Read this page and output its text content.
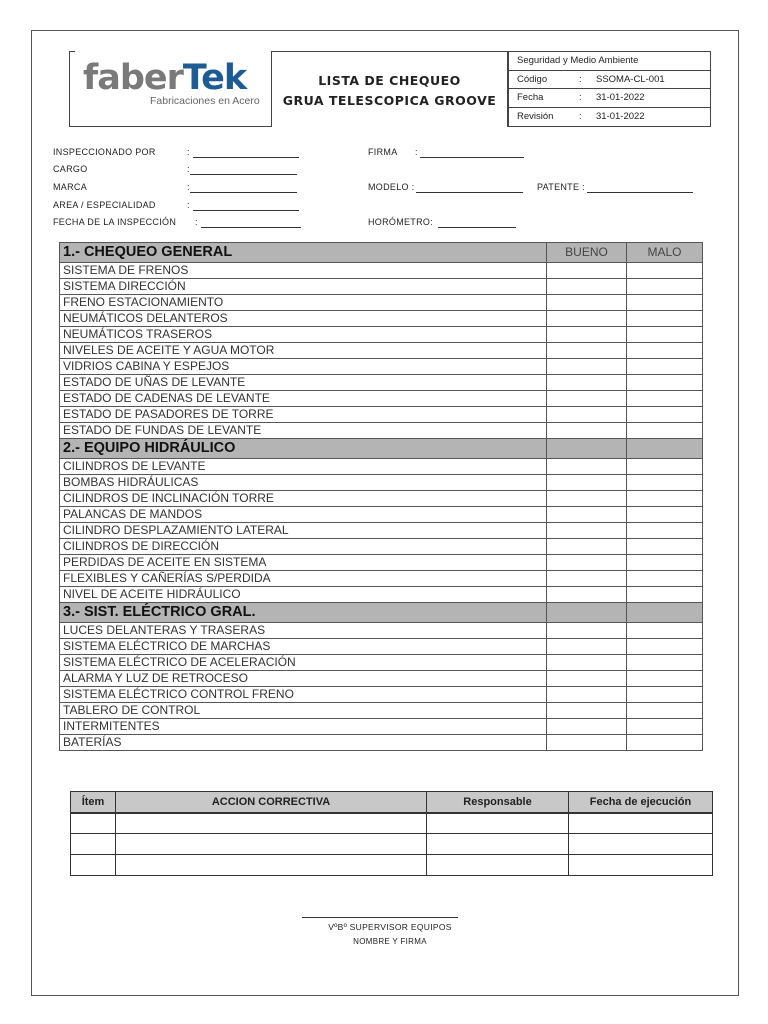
faberTek
Fabricaciones en Acero
LISTA DE CHEQUEO
GRUA TELESCOPICA GROOVE
Seguridad y Medio Ambiente
Código	: SSOMA-CL-001
Fecha	: 31-01-2022
Revisión	: 31-01-2022
INSPECCIONADO POR	:
CARGO	:
MARCA	:
AREA / ESPECIALIDAD	:
FECHA DE LA INSPECCIÓN :
FIRMA :
MODELO :	PATENTE :
HORÓMETRO:
1.- CHEQUEO GENERAL	BUENO	MALO
SISTEMA DE FRENOS		
SISTEMA DIRECCIÓN		
FRENO ESTACIONAMIENTO		
NEUMÁTICOS DELANTEROS		
NEUMÁTICOS TRASEROS		
NIVELES DE ACEITE Y AGUA MOTOR		
VIDRIOS CABINA Y ESPEJOS		
ESTADO DE UÑAS DE LEVANTE		
ESTADO DE CADENAS DE LEVANTE		
ESTADO DE PASADORES DE TORRE		
ESTADO DE FUNDAS DE LEVANTE		
2.- EQUIPO HIDRÁULICO		
CILINDROS DE LEVANTE		
BOMBAS HIDRÁULICAS		
CILINDROS DE INCLINACIÓN TORRE		
PALANCAS DE MANDOS		
CILINDRO DESPLAZAMIENTO LATERAL		
CILINDROS DE DIRECCIÓN		
PERDIDAS DE ACEITE EN SISTEMA		
FLEXIBLES Y CAÑERÍAS S/PERDIDA		
NIVEL DE ACEITE HIDRÁULICO		
3.- SIST. ELÉCTRICO GRAL.		
LUCES DELANTERAS Y TRASERAS		
SISTEMA ELÉCTRICO DE MARCHAS		
SISTEMA ELÉCTRICO DE ACELERACIÓN		
ALARMA Y LUZ DE RETROCESO		
SISTEMA ELÉCTRICO CONTROL FRENO		
TABLERO DE CONTROL		
INTERMITENTES		
BATERÍAS		
Ítem	ACCION CORRECTIVA	Responsable	Fecha de ejecución

VºBº SUPERVISOR EQUIPOS
NOMBRE Y FIRMA
